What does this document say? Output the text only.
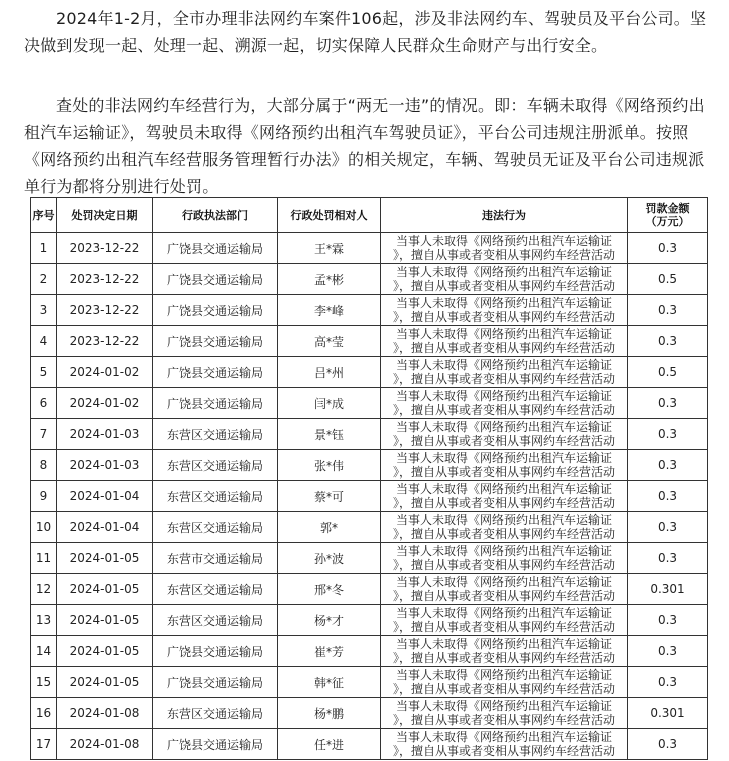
2024年1-2月，全市办理非法网约车案件106起，涉及非法网约车、驾驶员及平台公司。坚决做到发现一起、处理一起、溯源一起，切实保障人民群众生命财产与出行安全。

查处的非法网约车经营行为，大部分属于“两无一违”的情况。即：车辆未取得《网络预约出租汽车运输证》，驾驶员未取得《网络预约出租汽车驾驶员证》，平台公司违规注册派单。按照《网络预约出租汽车经营服务管理暂行办法》的相关规定，车辆、驾驶员无证及平台公司违规派单行为都将分别进行处罚。

序号	处罚决定日期	行政执法部门	行政处罚相对人	违法行为	罚款金额
（万元）

1	2023-12-22	广饶县交通运输局	王*霖	当事人未取得《网络预约出租汽车运输证
》，擅自从事或者变相从事网约车经营活动	0.3
2	2023-12-22	广饶县交通运输局	孟*彬	当事人未取得《网络预约出租汽车运输证
》，擅自从事或者变相从事网约车经营活动	0.5
3	2023-12-22	广饶县交通运输局	李*峰	当事人未取得《网络预约出租汽车运输证
》，擅自从事或者变相从事网约车经营活动	0.3
4	2023-12-22	广饶县交通运输局	高*莹	当事人未取得《网络预约出租汽车运输证
》，擅自从事或者变相从事网约车经营活动	0.3
5	2024-01-02	广饶县交通运输局	吕*州	当事人未取得《网络预约出租汽车运输证
》，擅自从事或者变相从事网约车经营活动	0.5
6	2024-01-02	广饶县交通运输局	闫*成	当事人未取得《网络预约出租汽车运输证
》，擅自从事或者变相从事网约车经营活动	0.3
7	2024-01-03	东营区交通运输局	景*钰	当事人未取得《网络预约出租汽车运输证
》，擅自从事或者变相从事网约车经营活动	0.3
8	2024-01-03	东营区交通运输局	张*伟	当事人未取得《网络预约出租汽车运输证
》，擅自从事或者变相从事网约车经营活动	0.3
9	2024-01-04	东营区交通运输局	蔡*可	当事人未取得《网络预约出租汽车运输证
》，擅自从事或者变相从事网约车经营活动	0.3
10	2024-01-04	东营区交通运输局	郭*	当事人未取得《网络预约出租汽车运输证
》，擅自从事或者变相从事网约车经营活动	0.3
11	2024-01-05	东营市交通运输局	孙*波	当事人未取得《网络预约出租汽车运输证
》，擅自从事或者变相从事网约车经营活动	0.3
12	2024-01-05	东营区交通运输局	邢*冬	当事人未取得《网络预约出租汽车运输证
》，擅自从事或者变相从事网约车经营活动	0.301
13	2024-01-05	东营区交通运输局	杨*才	当事人未取得《网络预约出租汽车运输证
》，擅自从事或者变相从事网约车经营活动	0.3
14	2024-01-05	广饶县交通运输局	崔*芳	当事人未取得《网络预约出租汽车运输证
》，擅自从事或者变相从事网约车经营活动	0.3
15	2024-01-05	广饶县交通运输局	韩*征	当事人未取得《网络预约出租汽车运输证
》，擅自从事或者变相从事网约车经营活动	0.3
16	2024-01-08	东营区交通运输局	杨*鹏	当事人未取得《网络预约出租汽车运输证
》，擅自从事或者变相从事网约车经营活动	0.301
17	2024-01-08	广饶县交通运输局	任*进	当事人未取得《网络预约出租汽车运输证
》，擅自从事或者变相从事网约车经营活动	0.3
